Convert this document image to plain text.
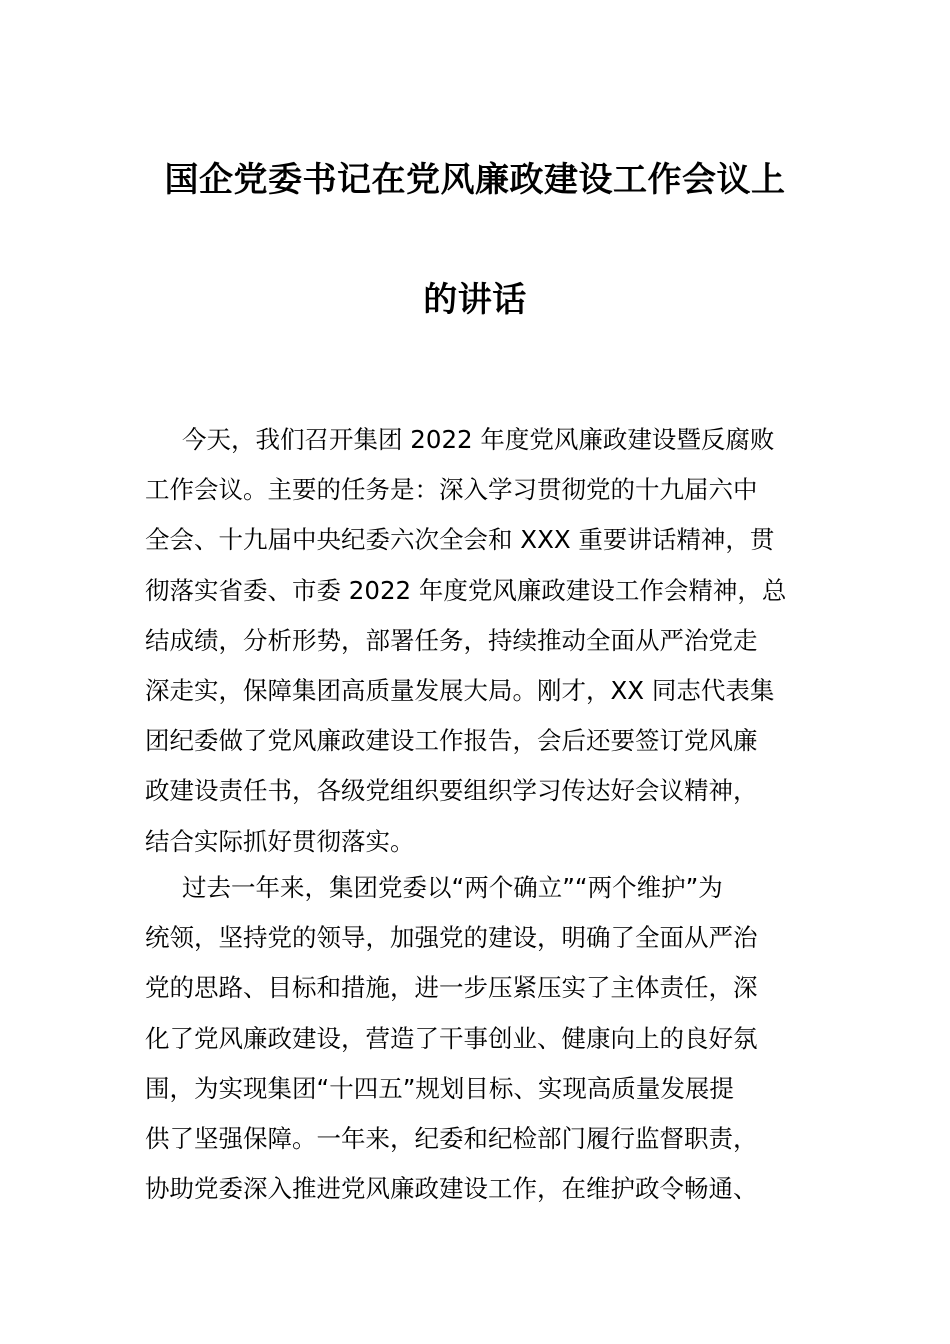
国企党委书记在党风廉政建设工作会议上
的讲话
今天，我们召开集团 2022 年度党风廉政建设暨反腐败
工作会议。主要的任务是：深入学习贯彻党的十九届六中
全会、十九届中央纪委六次全会和 XXX 重要讲话精神，贯
彻落实省委、市委 2022 年度党风廉政建设工作会精神，总
结成绩，分析形势，部署任务，持续推动全面从严治党走
深走实，保障集团高质量发展大局。刚才，XX 同志代表集
团纪委做了党风廉政建设工作报告，会后还要签订党风廉
政建设责任书，各级党组织要组织学习传达好会议精神，
结合实际抓好贯彻落实。
过去一年来，集团党委以“两个确立”“两个维护”为
统领，坚持党的领导，加强党的建设，明确了全面从严治
党的思路、目标和措施，进一步压紧压实了主体责任，深
化了党风廉政建设，营造了干事创业、健康向上的良好氛
围，为实现集团“十四五”规划目标、实现高质量发展提
供了坚强保障。一年来，纪委和纪检部门履行监督职责，
协助党委深入推进党风廉政建设工作，在维护政令畅通、
